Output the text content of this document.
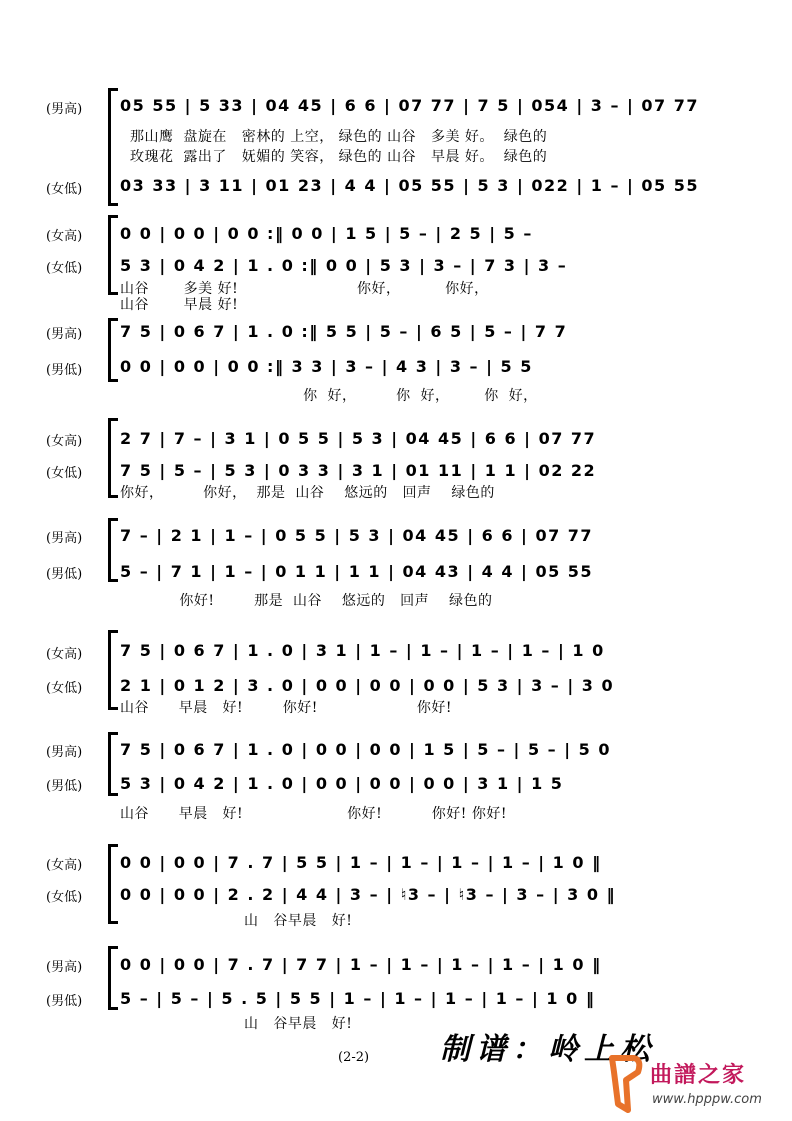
(男高)	05 55 | 5 33 | 04 45 | 6 6 | 07 77 | 7 5 | 054 | 3 – | 07 77
那山鹰  盘旋在   密林的 上空， 绿色的 山谷   多美 好。  绿色的
玫瑰花  露出了   妩媚的 笑容， 绿色的 山谷   早晨 好。  绿色的
(女低)	03 33 | 3 11 | 01 23 | 4 4 | 05 55 | 5 3 | 022 | 1 – | 05 55
(女高)	0 0 | 0 0 | 0 0 :‖ 0 0 | 1 5 | 5 – | 2 5 | 5 –
(女低)	5 3 | 0 4 2 | 1 . 0 :‖ 0 0 | 5 3 | 3 – | 7 3 | 3 –
山谷       多美 好!                        你好，         你好，
山谷       早晨 好!
(男高)	7 5 | 0 6 7 | 1 . 0 :‖ 5 5 | 5 – | 6 5 | 5 – | 7 7
(男低)	0 0 | 0 0 | 0 0 :‖ 3 3 | 3 – | 4 3 | 3 – | 5 5
你  好，        你  好，       你  好，
(女高)	2 7 | 7 – | 3 1 | 0 5 5 | 5 3 | 04 45 | 6 6 | 07 77
(女低)	7 5 | 5 – | 5 3 | 0 3 3 | 3 1 | 01 11 | 1 1 | 02 22
你好，        你好，  那是  山谷    悠远的   回声    绿色的
(男高)	7 – | 2 1 | 1 – | 0 5 5 | 5 3 | 04 45 | 6 6 | 07 77
(男低)	5 – | 7 1 | 1 – | 0 1 1 | 1 1 | 04 43 | 4 4 | 05 55
你好!        那是  山谷    悠远的   回声    绿色的
(女高)	7 5 | 0 6 7 | 1 . 0 | 3 1 | 1 – | 1 – | 1 – | 1 – | 1 0
(女低)	2 1 | 0 1 2 | 3 . 0 | 0 0 | 0 0 | 0 0 | 5 3 | 3 – | 3 0
山谷      早晨   好!        你好!                    你好!
(男高)	7 5 | 0 6 7 | 1 . 0 | 0 0 | 0 0 | 1 5 | 5 – | 5 – | 5 0
(男低)	5 3 | 0 4 2 | 1 . 0 | 0 0 | 0 0 | 0 0 | 3 1 | 1 5
山谷      早晨   好!                     你好!          你好! 你好!
(女高)	0 0 | 0 0 | 7 . 7 | 5 5 | 1 – | 1 – | 1 – | 1 – | 1 0 ‖
(女低)	0 0 | 0 0 | 2 . 2 | 4 4 | 3 – | ♮3 – | ♮3 – | 3 – | 3 0 ‖
山   谷早晨   好!
(男高)	0 0 | 0 0 | 7 . 7 | 7 7 | 1 – | 1 – | 1 – | 1 – | 1 0 ‖
(男低)	5 – | 5 – | 5 . 5 | 5 5 | 1 – | 1 – | 1 – | 1 – | 1 0 ‖
山   谷早晨   好!
(2-2) 制谱：岭上松
曲譜之家
www.hpppw.com
